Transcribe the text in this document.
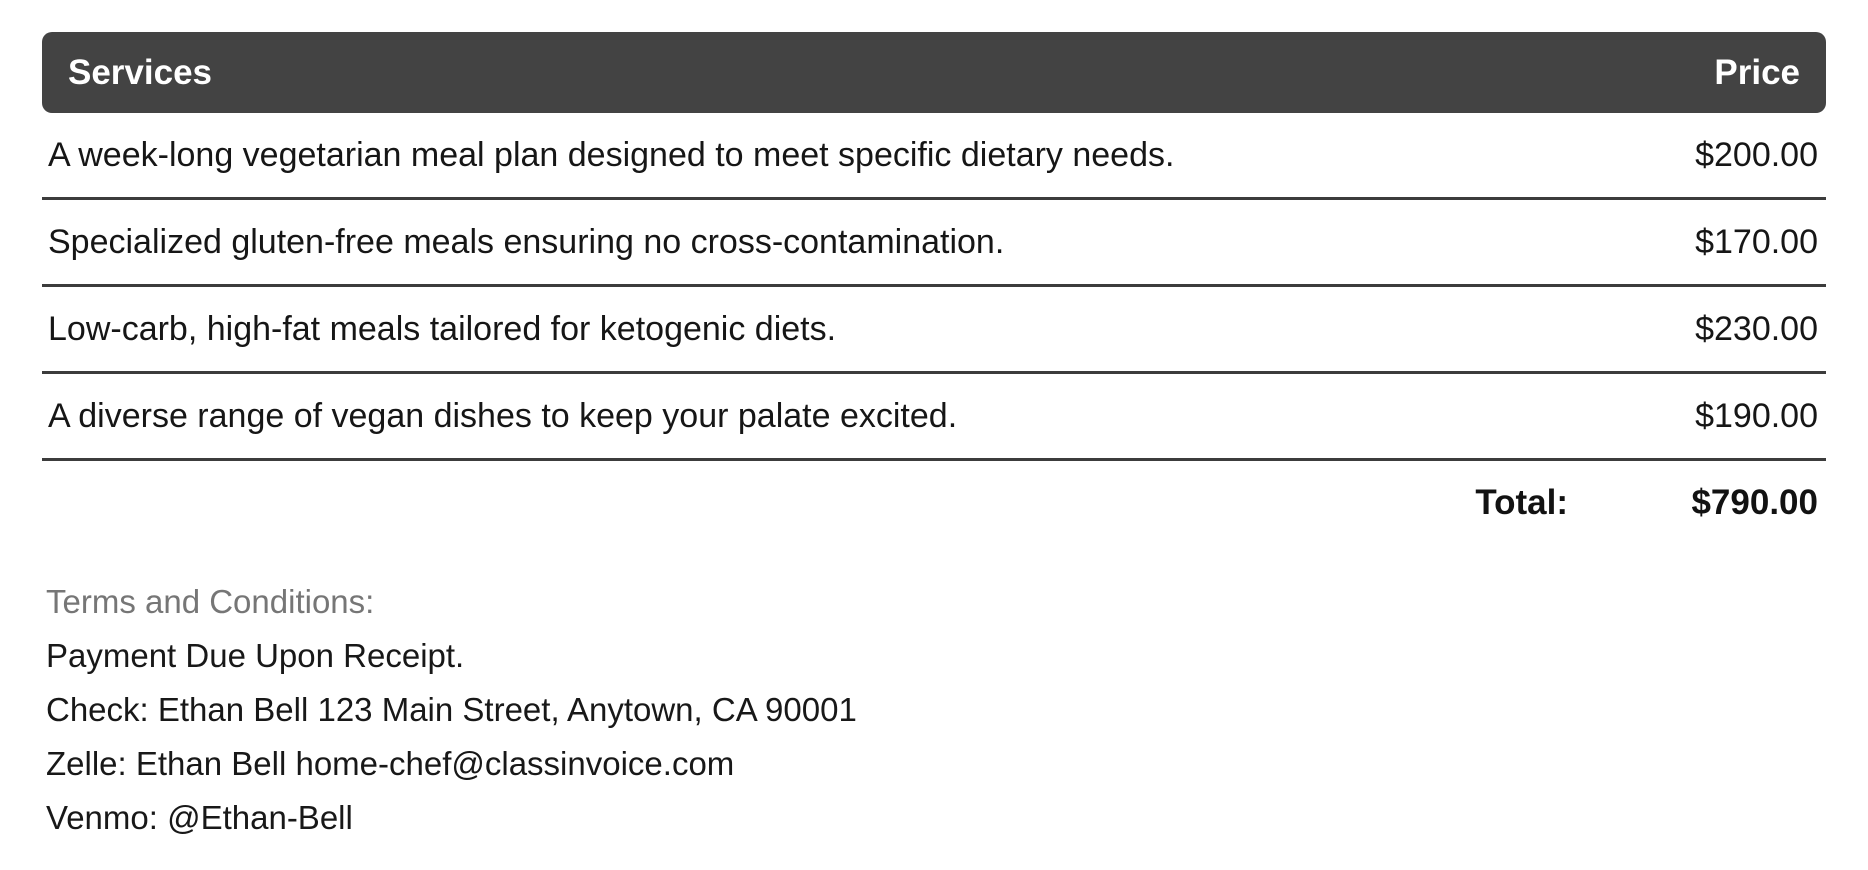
Services	Price
A week-long vegetarian meal plan designed to meet specific dietary needs.	$200.00
Specialized gluten-free meals ensuring no cross-contamination.	$170.00
Low-carb, high-fat meals tailored for ketogenic diets.	$230.00
A diverse range of vegan dishes to keep your palate excited.	$190.00
Total:	$790.00
Terms and Conditions:
Payment Due Upon Receipt.
Check: Ethan Bell 123 Main Street, Anytown, CA 90001
Zelle: Ethan Bell home-chef@classinvoice.com
Venmo: @Ethan-Bell
